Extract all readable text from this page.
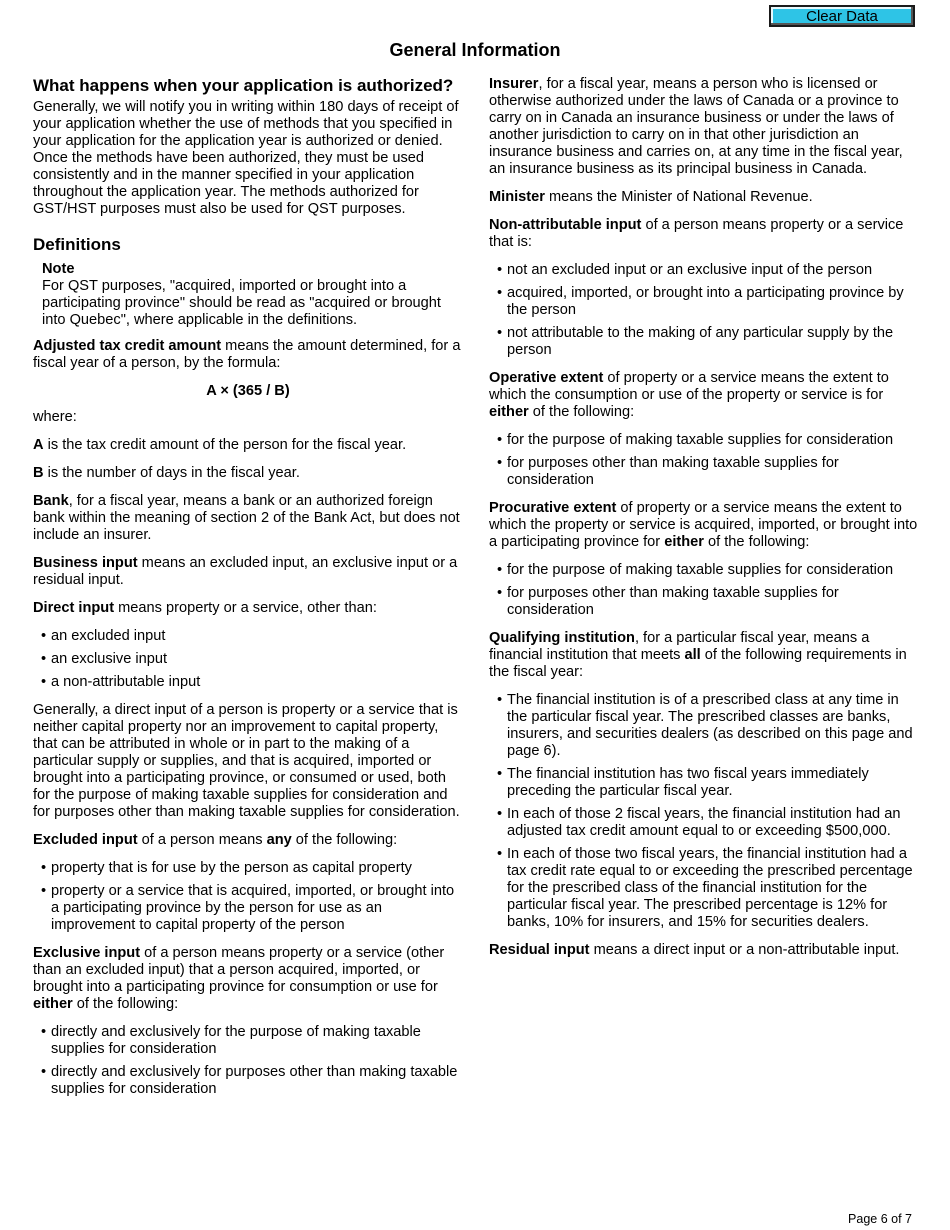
Clear Data
General Information
What happens when your application is authorized?

Generally, we will notify you in writing within 180 days of receipt of your application whether the use of methods that you specified in your application for the application year is authorized or denied. Once the methods have been authorized, they must be used consistently and in the manner specified in your application throughout the application year. The methods authorized for GST/HST purposes must also be used for QST purposes.

Definitions
Note
For QST purposes, "acquired, imported or brought into a participating province" should be read as "acquired or brought into Quebec", where applicable in the definitions.

Adjusted tax credit amount means the amount determined, for a fiscal year of a person, by the formula:

A × (365 / B)

where:

A is the tax credit amount of the person for the fiscal year.

B is the number of days in the fiscal year.

Bank, for a fiscal year, means a bank or an authorized foreign bank within the meaning of section 2 of the Bank Act, but does not include an insurer.

Business input means an excluded input, an exclusive input or a residual input.

Direct input means property or a service, other than:

• an excluded input
• an exclusive input
• a non-attributable input

Generally, a direct input of a person is property or a service that is neither capital property nor an improvement to capital property, that can be attributed in whole or in part to the making of a particular supply or supplies, and that is acquired, imported or brought into a participating province, or consumed or used, both for the purpose of making taxable supplies for consideration and for purposes other than making taxable supplies for consideration.

Excluded input of a person means any of the following:

• property that is for use by the person as capital property
• property or a service that is acquired, imported, or brought into a participating province by the person for use as an improvement to capital property of the person

Exclusive input of a person means property or a service (other than an excluded input) that a person acquired, imported, or brought into a participating province for consumption or use for either of the following:

• directly and exclusively for the purpose of making taxable supplies for consideration
• directly and exclusively for purposes other than making taxable supplies for consideration

Insurer, for a fiscal year, means a person who is licensed or otherwise authorized under the laws of Canada or a province to carry on in Canada an insurance business or under the laws of another jurisdiction to carry on in that other jurisdiction an insurance business and carries on, at any time in the fiscal year, an insurance business as its principal business in Canada.

Minister means the Minister of National Revenue.

Non-attributable input of a person means property or a service that is:

• not an excluded input or an exclusive input of the person
• acquired, imported, or brought into a participating province by the person
• not attributable to the making of any particular supply by the person

Operative extent of property or a service means the extent to which the consumption or use of the property or service is for either of the following:

• for the purpose of making taxable supplies for consideration
• for purposes other than making taxable supplies for consideration

Procurative extent of property or a service means the extent to which the property or service is acquired, imported, or brought into a participating province for either of the following:

• for the purpose of making taxable supplies for consideration
• for purposes other than making taxable supplies for consideration

Qualifying institution, for a particular fiscal year, means a financial institution that meets all of the following requirements in the fiscal year:

• The financial institution is of a prescribed class at any time in the particular fiscal year. The prescribed classes are banks, insurers, and securities dealers (as described on this page and page 6).
• The financial institution has two fiscal years immediately preceding the particular fiscal year.
• In each of those 2 fiscal years, the financial institution had an adjusted tax credit amount equal to or exceeding $500,000.
• In each of those two fiscal years, the financial institution had a tax credit rate equal to or exceeding the prescribed percentage for the prescribed class of the financial institution for the particular fiscal year. The prescribed percentage is 12% for banks, 10% for insurers, and 15% for securities dealers.

Residual input means a direct input or a non-attributable input.

Page 6 of 7
